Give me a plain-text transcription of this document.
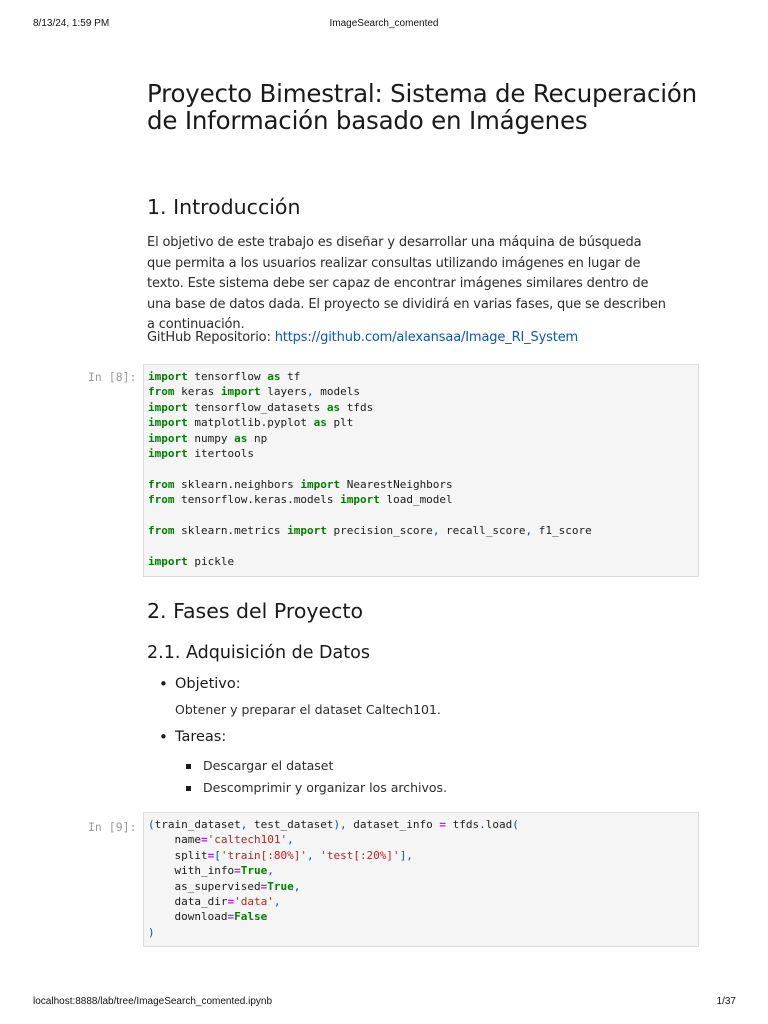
8/13/24, 1:59 PM	ImageSearch_comented
Proyecto Bimestral: Sistema de Recuperación de Información basado en Imágenes
1. Introducción

El objetivo de este trabajo es diseñar y desarrollar una máquina de búsqueda que permita a los usuarios realizar consultas utilizando imágenes en lugar de texto. Este sistema debe ser capaz de encontrar imágenes similares dentro de una base de datos dada. El proyecto se dividirá en varias fases, que se describen a continuación.

GitHub Repositorio: https://github.com/alexansaa/Image_RI_System
In [8]:	import tensorflow as tf
from keras import layers, models
import tensorflow_datasets as tfds
import matplotlib.pyplot as plt
import numpy as np
import itertools

from sklearn.neighbors import NearestNeighbors
from tensorflow.keras.models import load_model

from sklearn.metrics import precision_score, recall_score, f1_score

import pickle
2. Fases del Proyecto
2.1. Adquisición de Datos
• Objetivo:
Obtener y preparar el dataset Caltech101.
• Tareas:
Descargar el dataset
Descomprimir y organizar los archivos.
In [9]:	(train_dataset, test_dataset), dataset_info = tfds.load(
name='caltech101',
split=['train[:80%]', 'test[:20%]'],
with_info=True,
as_supervised=True,
data_dir='data',
download=False
)
localhost:8888/lab/tree/ImageSearch_comented.ipynb	1/37
